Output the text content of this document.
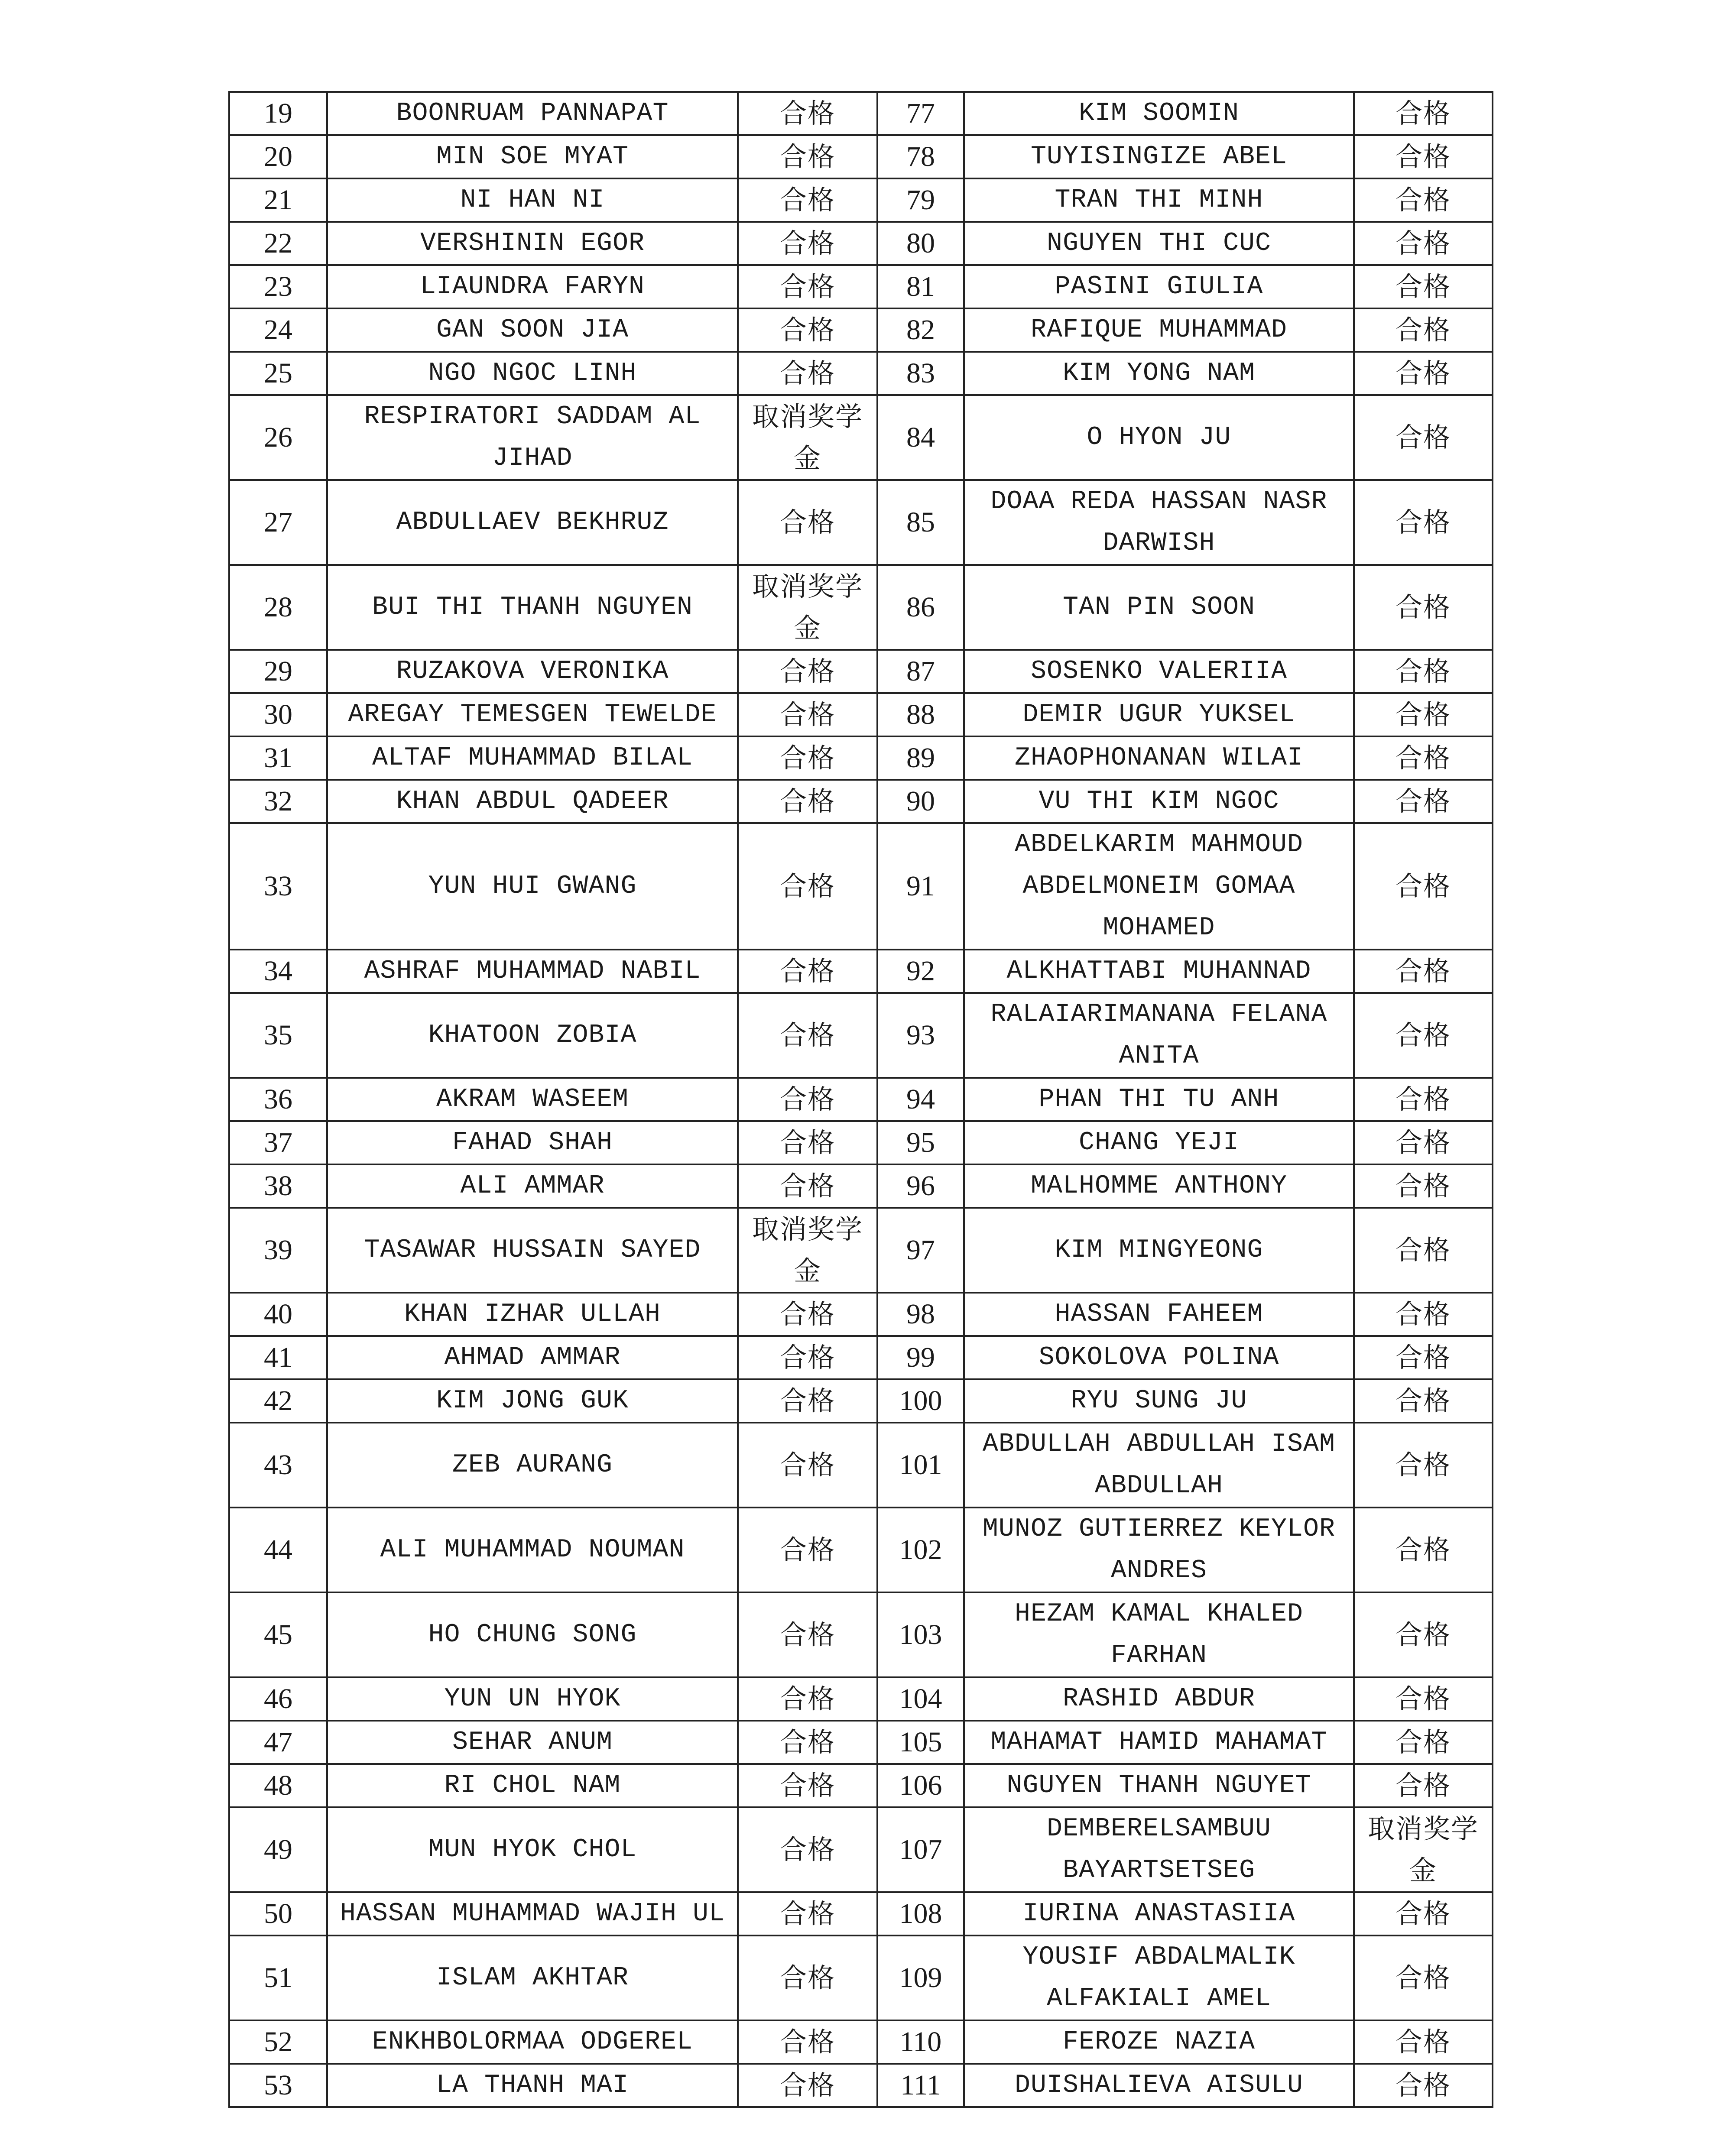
19	BOONRUAM PANNAPAT	合格	77	KIM SOOMIN	合格
20	MIN SOE MYAT	合格	78	TUYISINGIZE ABEL	合格
21	NI HAN NI	合格	79	TRAN THI MINH	合格
22	VERSHININ EGOR	合格	80	NGUYEN THI CUC	合格
23	LIAUNDRA FARYN	合格	81	PASINI GIULIA	合格
24	GAN SOON JIA	合格	82	RAFIQUE MUHAMMAD	合格
25	NGO NGOC LINH	合格	83	KIM YONG NAM	合格
26	RESPIRATORI SADDAM AL JIHAD	取消奖学金	84	O HYON JU	合格
27	ABDULLAEV BEKHRUZ	合格	85	DOAA REDA HASSAN NASR DARWISH	合格
28	BUI THI THANH NGUYEN	取消奖学金	86	TAN PIN SOON	合格
29	RUZAKOVA VERONIKA	合格	87	SOSENKO VALERIIA	合格
30	AREGAY TEMESGEN TEWELDE	合格	88	DEMIR UGUR YUKSEL	合格
31	ALTAF MUHAMMAD BILAL	合格	89	ZHAOPHONANAN WILAI	合格
32	KHAN ABDUL QADEER	合格	90	VU THI KIM NGOC	合格
33	YUN HUI GWANG	合格	91	ABDELKARIM MAHMOUD ABDELMONEIM GOMAA MOHAMED	合格
34	ASHRAF MUHAMMAD NABIL	合格	92	ALKHATTABI MUHANNAD	合格
35	KHATOON ZOBIA	合格	93	RALAIARIMANANA FELANA ANITA	合格
36	AKRAM WASEEM	合格	94	PHAN THI TU ANH	合格
37	FAHAD SHAH	合格	95	CHANG YEJI	合格
38	ALI AMMAR	合格	96	MALHOMME ANTHONY	合格
39	TASAWAR HUSSAIN SAYED	取消奖学金	97	KIM MINGYEONG	合格
40	KHAN IZHAR ULLAH	合格	98	HASSAN FAHEEM	合格
41	AHMAD AMMAR	合格	99	SOKOLOVA POLINA	合格
42	KIM JONG GUK	合格	100	RYU SUNG JU	合格
43	ZEB AURANG	合格	101	ABDULLAH ABDULLAH ISAM ABDULLAH	合格
44	ALI MUHAMMAD NOUMAN	合格	102	MUNOZ GUTIERREZ KEYLOR ANDRES	合格
45	HO CHUNG SONG	合格	103	HEZAM KAMAL KHALED FARHAN	合格
46	YUN UN HYOK	合格	104	RASHID ABDUR	合格
47	SEHAR ANUM	合格	105	MAHAMAT HAMID MAHAMAT	合格
48	RI CHOL NAM	合格	106	NGUYEN THANH NGUYET	合格
49	MUN HYOK CHOL	合格	107	DEMBERELSAMBUU BAYARTSETSEG	取消奖学金
50	HASSAN MUHAMMAD WAJIH UL	合格	108	IURINA ANASTASIIA	合格
51	ISLAM AKHTAR	合格	109	YOUSIF ABDALMALIK ALFAKIALI AMEL	合格
52	ENKHBOLORMAA ODGEREL	合格	110	FEROZE NAZIA	合格
53	LA THANH MAI	合格	111	DUISHALIEVA AISULU	合格
